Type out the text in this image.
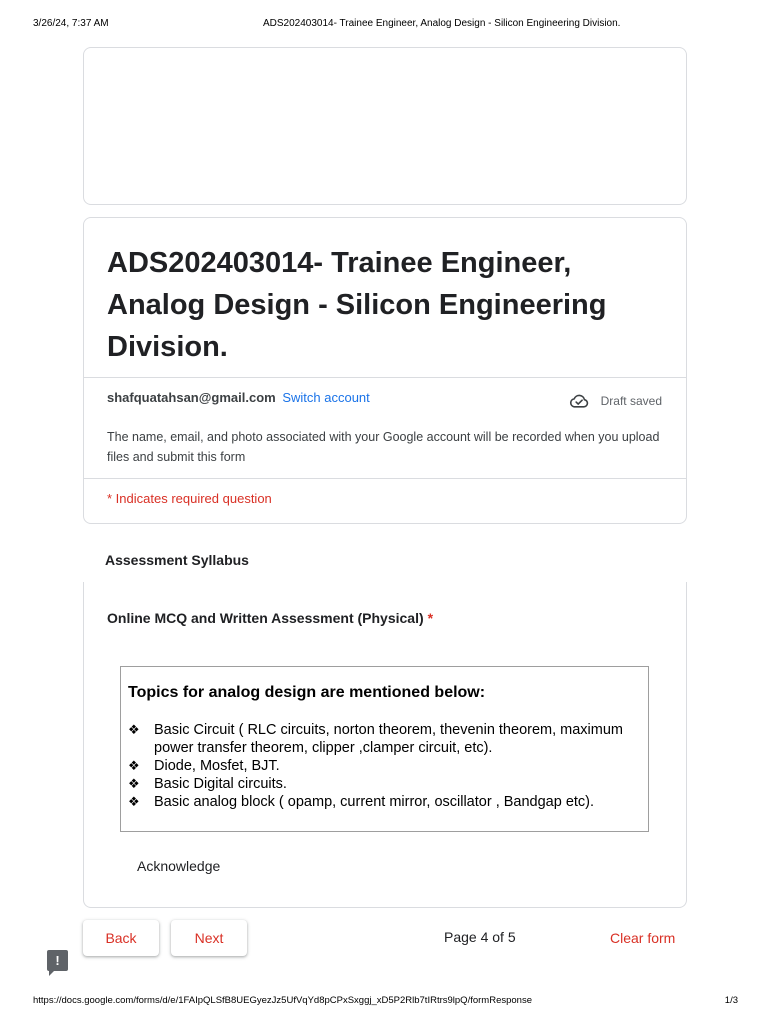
3/26/24, 7:37 AM	ADS202403014- Trainee Engineer, Analog Design - Silicon Engineering Division.
ADS202403014- Trainee Engineer, Analog Design - Silicon Engineering Division.
shafquatahsan@gmail.com Switch account	Draft saved

The name, email, and photo associated with your Google account will be recorded when you upload files and submit this form

* Indicates required question
Assessment Syllabus
Online MCQ and Written Assessment (Physical) *
Topics for analog design are mentioned below:
❖ Basic Circuit ( RLC circuits, norton theorem, thevenin theorem, maximum power transfer theorem, clipper ,clamper circuit, etc).
❖ Diode, Mosfet, BJT.
❖ Basic Digital circuits.
❖ Basic analog block ( opamp, current mirror, oscillator , Bandgap etc).
Acknowledge
Back	Next	Page 4 of 5	Clear form
!
https://docs.google.com/forms/d/e/1FAIpQLSfB8UEGyezJz5UfVqYd8pCPxSxggj_xD5P2Rlb7tIRtrs9lpQ/formResponse	1/3
